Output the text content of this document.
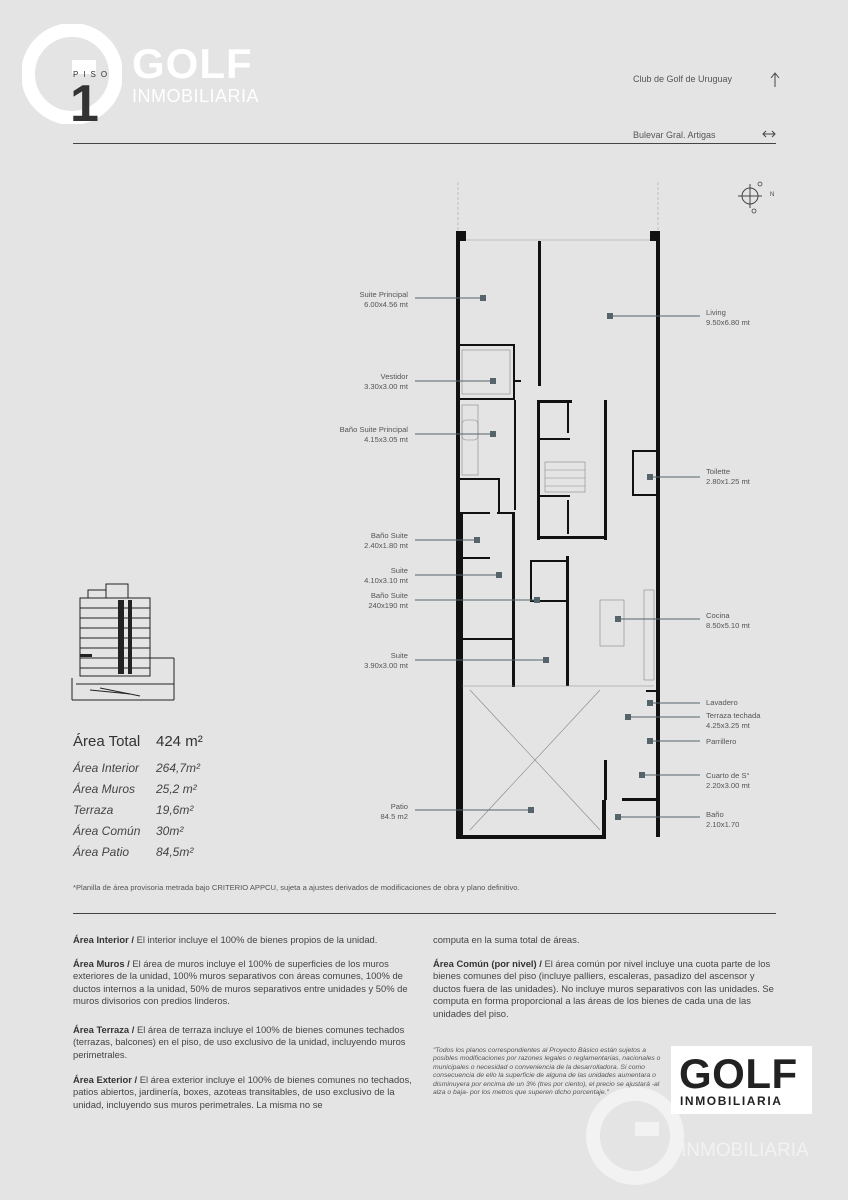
GOLF
INMOBILIARIA
PISO
1	Club de Golf de Uruguay
Bulevar Gral. Artigas
N
Suite Principal
6.00x4.56 mt
Vestidor
3.30x3.00 mt
Baño Suite Principal
4.15x3.05 mt
Baño Suite
2.40x1.80 mt
Suite
4.10x3.10 mt
Baño Suite
240x190 mt
Suite
3.90x3.00 mt
Patio
84.5 m2
Living
9.50x6.80 mt
Toilette
2.80x1.25 mt
Cocina
8.50x5.10 mt
Lavadero
Terraza techada
4.25x3.25 mt
Parrillero
Cuarto de S°
2.20x3.00 mt
Baño
2.10x1.70
Área Total 424 m²
Área Interior 264,7m²
Área Muros 25,2 m²
Terraza	19,6m²
Área Común 30m²
Área Patio 84,5m²
*Planilla de área provisoria metrada bajo CRITERIO APPCU, sujeta a ajustes derivados de modificaciones de obra y plano definitivo.
Área Interior / El interior incluye el 100% de bienes propios de la unidad.
Área Muros / El área de muros incluye el 100% de superficies de los muros exteriores de la unidad, 100% muros separativos con áreas comunes, 100% de ductos internos a la unidad, 50% de muros separativos entre unidades y 50% de muros divisorios con predios linderos.
Área Terraza / El área de terraza incluye el 100% de bienes comunes techados (terrazas, balcones) en el piso, de uso exclusivo de la unidad, incluyendo muros perimetrales.
Área Exterior / El área exterior incluye el 100% de bienes comunes no techados, patios abiertos, jardinería, boxes, azoteas transitables, de uso exclusivo de la unidad, incluyendo sus muros perimetrales. La misma no se
computa en la suma total de áreas.
Área Común (por nivel) / El área común por nivel incluye una cuota parte de los bienes comunes del piso (incluye palliers, escaleras, pasadizo del ascensor y ductos fuera de las unidades). No incluye muros separativos con las unidades. Se computa en forma proporcional a las áreas de los bienes de cada una de las unidades del piso.
"Todos los planos correspondientes al Proyecto Básico están sujetos a posibles modificaciones por razones legales o reglamentarias, nacionales o municipales o necesidad o conveniencia de la desarrolladora. Si como consecuencia de ello la superficie de alguna de las unidades aumentara o disminuyera por encima de un 3% (tres por ciento), el precio se ajustará -al alza o baja- por los metros que superen dicho porcentaje."
INMOBILIARIA
GOLF
INMOBILIARIA
